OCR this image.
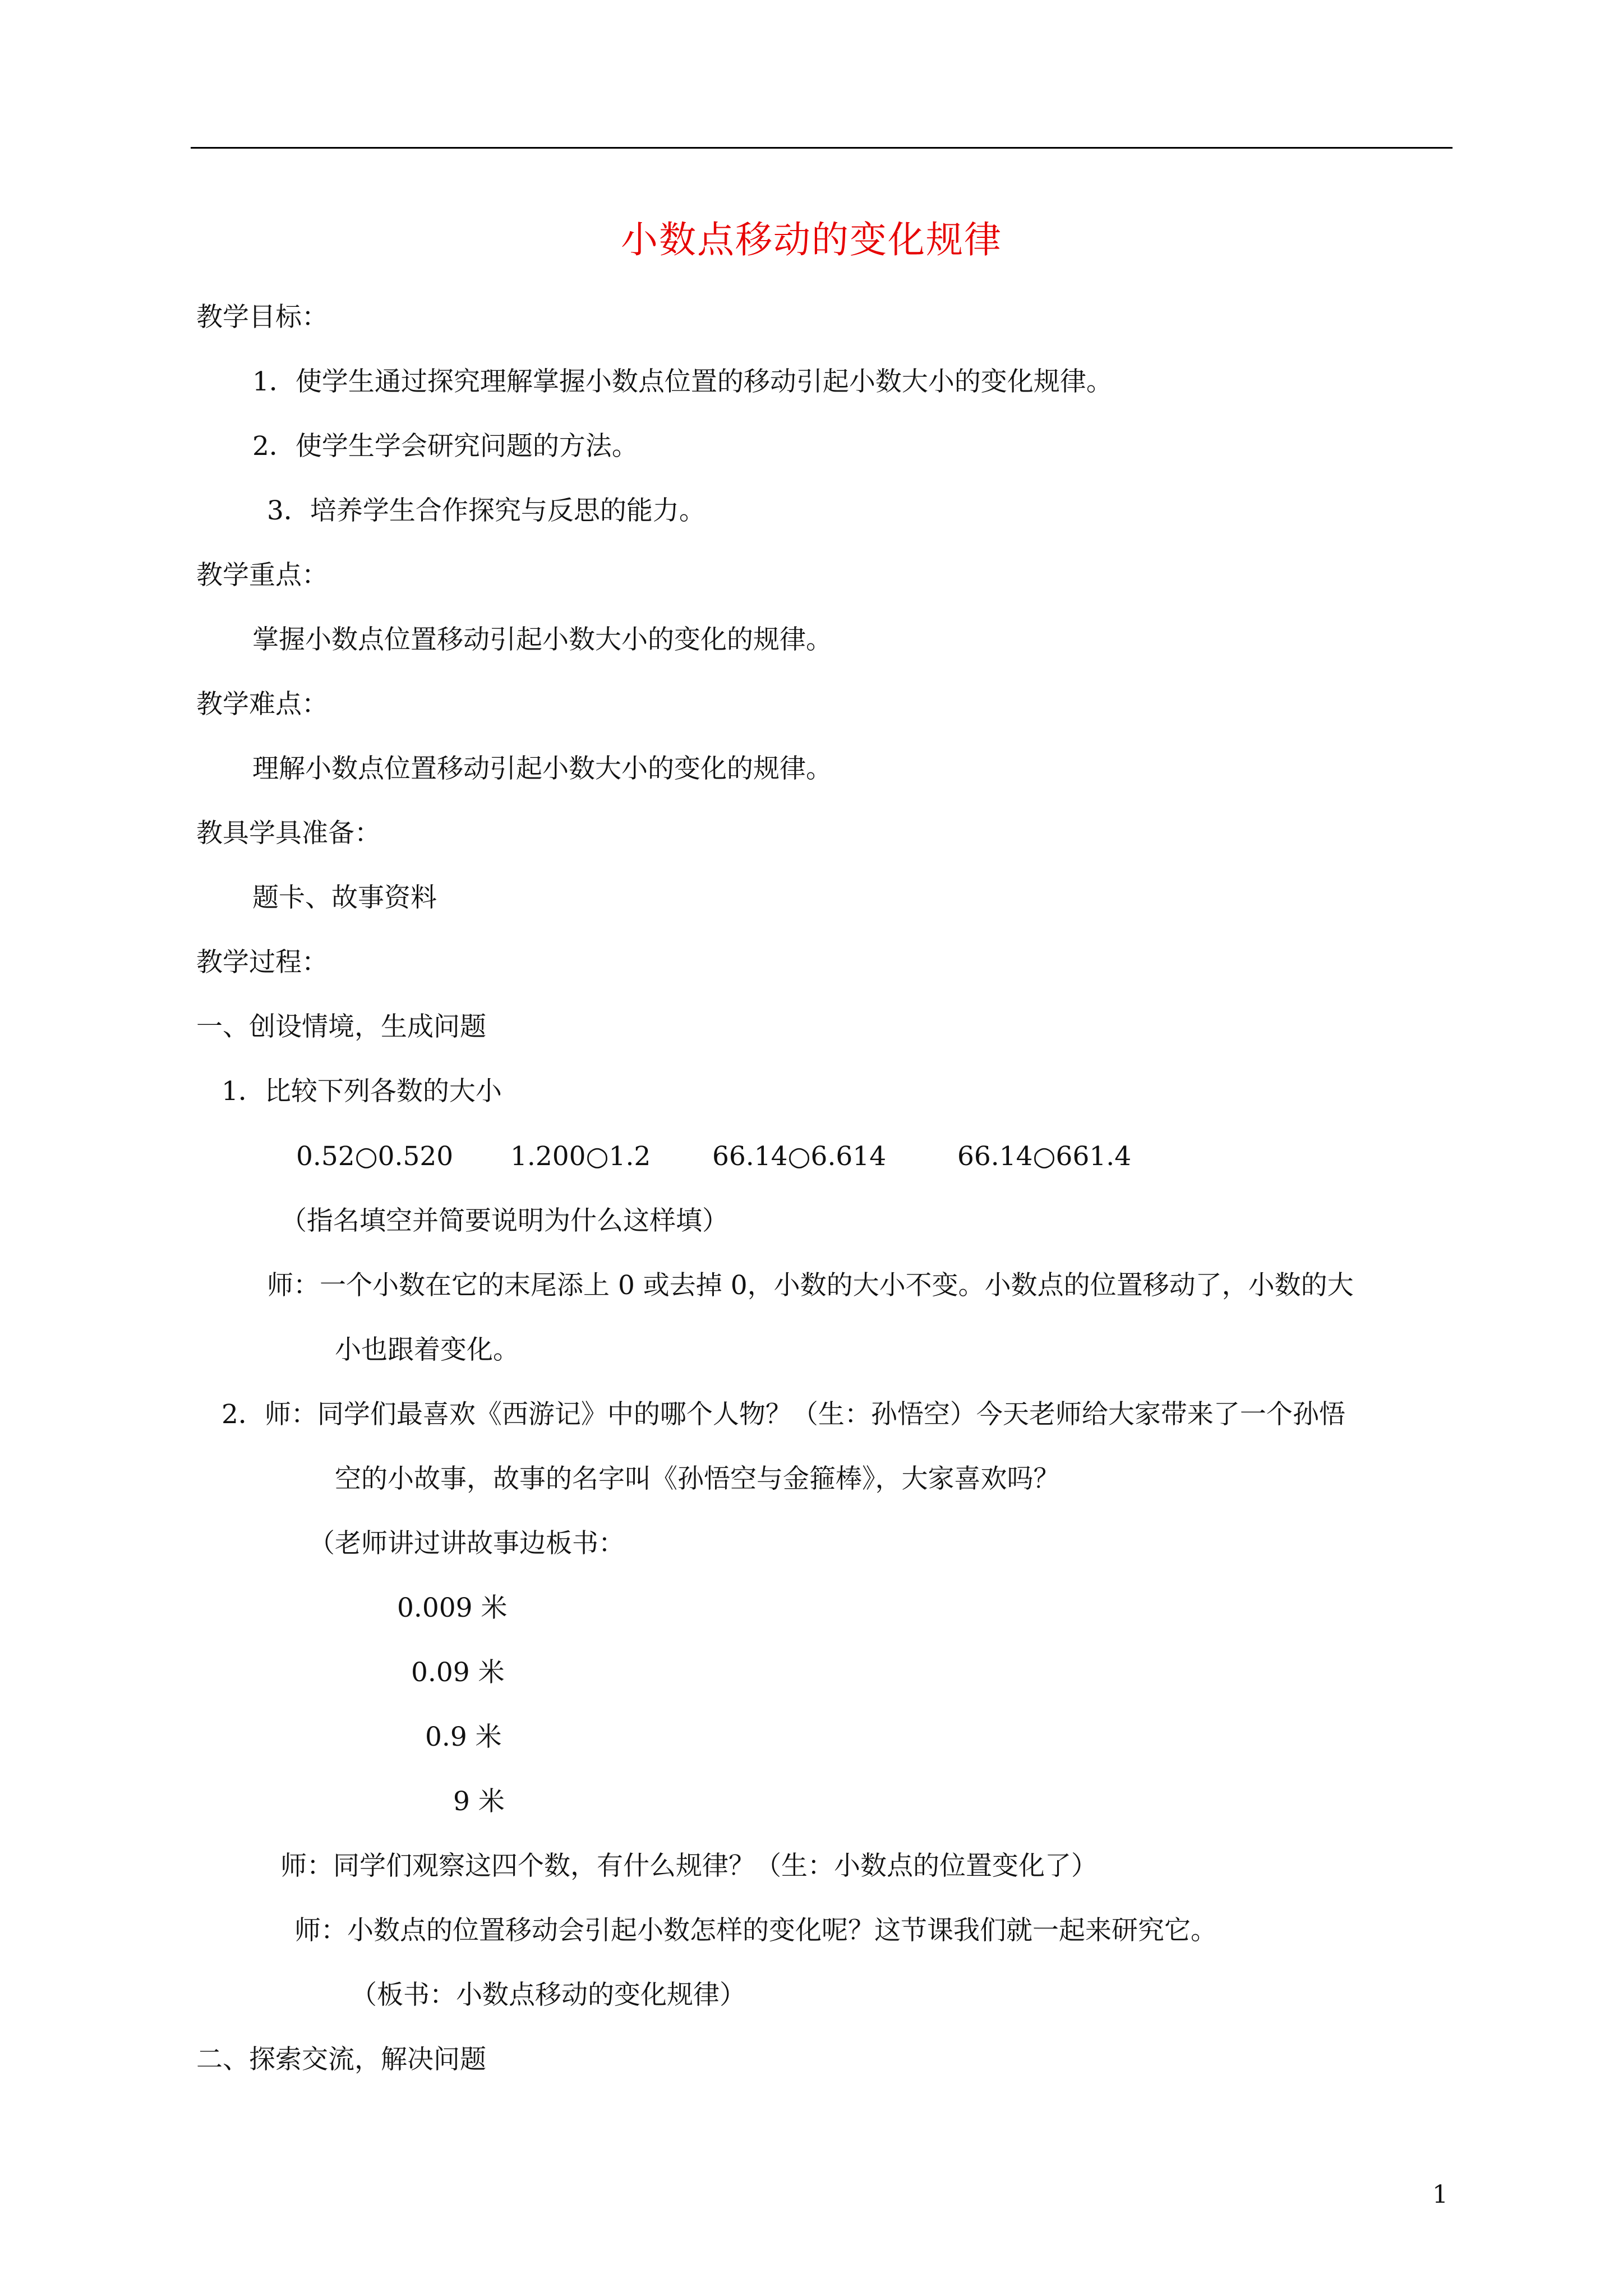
小数点移动的变化规律
教学目标：
1．使学生通过探究理解掌握小数点位置的移动引起小数大小的变化规律。
2．使学生学会研究问题的方法。
3．培养学生合作探究与反思的能力。
教学重点：
掌握小数点位置移动引起小数大小的变化的规律。
教学难点：
理解小数点位置移动引起小数大小的变化的规律。
教具学具准备：
题卡、故事资料
教学过程：
一、创设情境，生成问题
1．比较下列各数的大小
0.52○0.520 1.200○1.2 66.14○6.614	66.14○661.4
（指名填空并简要说明为什么这样填）
师：一个小数在它的末尾添上 0 或去掉 0，小数的大小不变。小数点的位置移动了，小数的大
小也跟着变化。
2．师：同学们最喜欢《西游记》中的哪个人物？（生：孙悟空）今天老师给大家带来了一个孙悟
空的小故事，故事的名字叫《孙悟空与金箍棒》，大家喜欢吗？
（老师讲过讲故事边板书：
0.009 米
0.09 米
0.9 米
9 米
师：同学们观察这四个数，有什么规律？（生：小数点的位置变化了）
师：小数点的位置移动会引起小数怎样的变化呢？这节课我们就一起来研究它。
（板书：小数点移动的变化规律）
二、探索交流，解决问题
1
